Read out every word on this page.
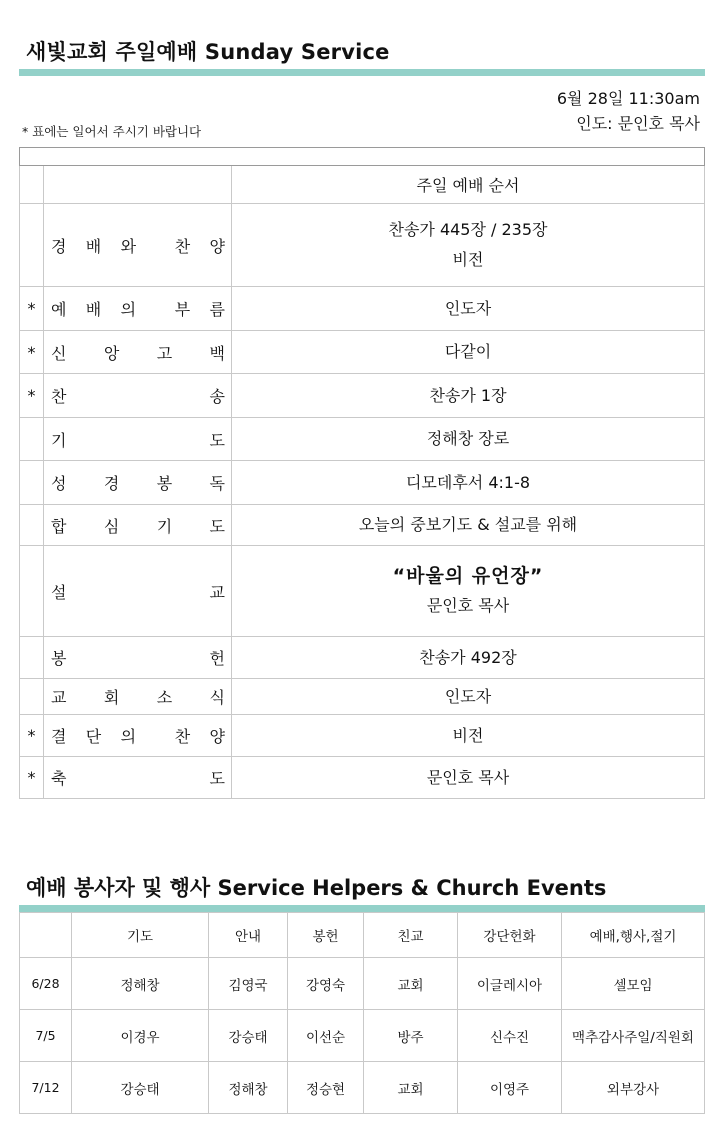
새빛교회 주일예배 Sunday Service
6월 28일 11:30am
인도: 문인호 목사
* 표에는 일어서 주시기 바랍니다

		주일 예배 순서

	경 배 와 찬 양	찬송가 445장 / 235장
비전

*	예 배 의 부 름	인도자

*	신 앙 고 백	다같이

*	찬 송	찬송가 1장

	기 도	정해창 장로

	성 경 봉 독	디모데후서 4:1-8

	합 심 기 도	오늘의 중보기도 & 설교를 위해

	설 교	“바울의 유언장”
문인호 목사

	봉 헌	찬송가 492장

	교 회 소 식	인도자

*	결 단 의 찬 양	비전

*	축 도	문인호 목사
예배 봉사자 및 행사 Service Helpers & Church Events
	기도	안내	봉헌	친교	강단헌화	예배,행사,절기
6/28	정해창	김영국	강영숙	교회	이글레시아	셀모임
7/5	이경우	강승태	이선순	방주	신수진	맥추감사주일/직원회
7/12	강승태	정해창	정승현	교회	이영주	외부강사
